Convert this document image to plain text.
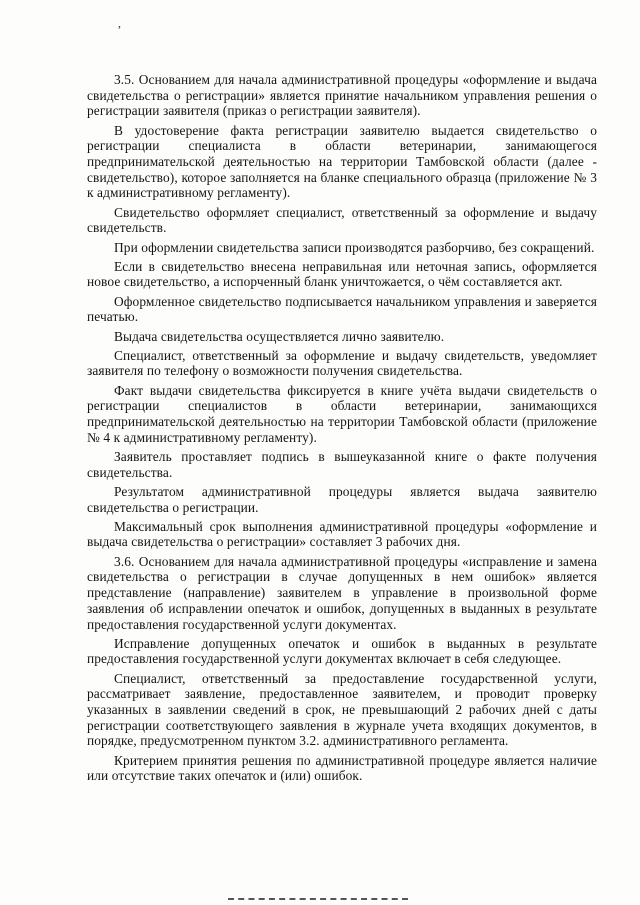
,

3.5. Основанием для начала административной процедуры «оформление и выдача свидетельства о регистрации» является принятие начальником управления решения о регистрации заявителя (приказ о регистрации заявителя).

В удостоверение факта регистрации заявителю выдается свидетельство о регистрации специалиста в области ветеринарии, занимающегося предпринимательской деятельностью на территории Тамбовской области (далее - свидетельство), которое заполняется на бланке специального образца (приложение № 3 к административному регламенту).

Свидетельство оформляет специалист, ответственный за оформление и выдачу свидетельств.

При оформлении свидетельства записи производятся разборчиво, без сокращений.

Если в свидетельство внесена неправильная или неточная запись, оформляется новое свидетельство, а испорченный бланк уничтожается, о чём составляется акт.

Оформленное свидетельство подписывается начальником управления и заверяется печатью.

Выдача свидетельства осуществляется лично заявителю.

Специалист, ответственный за оформление и выдачу свидетельств, уведомляет заявителя по телефону о возможности получения свидетельства.

Факт выдачи свидетельства фиксируется в книге учёта выдачи свидетельств о регистрации специалистов в области ветеринарии, занимающихся предпринимательской деятельностью на территории Тамбовской области (приложение № 4 к административному регламенту).

Заявитель проставляет подпись в вышеуказанной книге о факте получения свидетельства.

Результатом административной процедуры является выдача заявителю свидетельства о регистрации.

Максимальный срок выполнения административной процедуры «оформление и выдача свидетельства о регистрации» составляет 3 рабочих дня.

3.6. Основанием для начала административной процедуры «исправление и замена свидетельства о регистрации в случае допущенных в нем ошибок» является представление (направление) заявителем в управление в произвольной форме заявления об исправлении опечаток и ошибок, допущенных в выданных в результате предоставления государственной услуги документах.

Исправление допущенных опечаток и ошибок в выданных в результате предоставления государственной услуги документах включает в себя следующее.

Специалист, ответственный за предоставление государственной услуги, рассматривает заявление, предоставленное заявителем, и проводит проверку указанных в заявлении сведений в срок, не превышающий 2 рабочих дней с даты регистрации соответствующего заявления в журнале учета входящих документов, в порядке, предусмотренном пунктом 3.2. административного регламента.

Критерием принятия решения по административной процедуре является наличие или отсутствие таких опечаток и (или) ошибок.
